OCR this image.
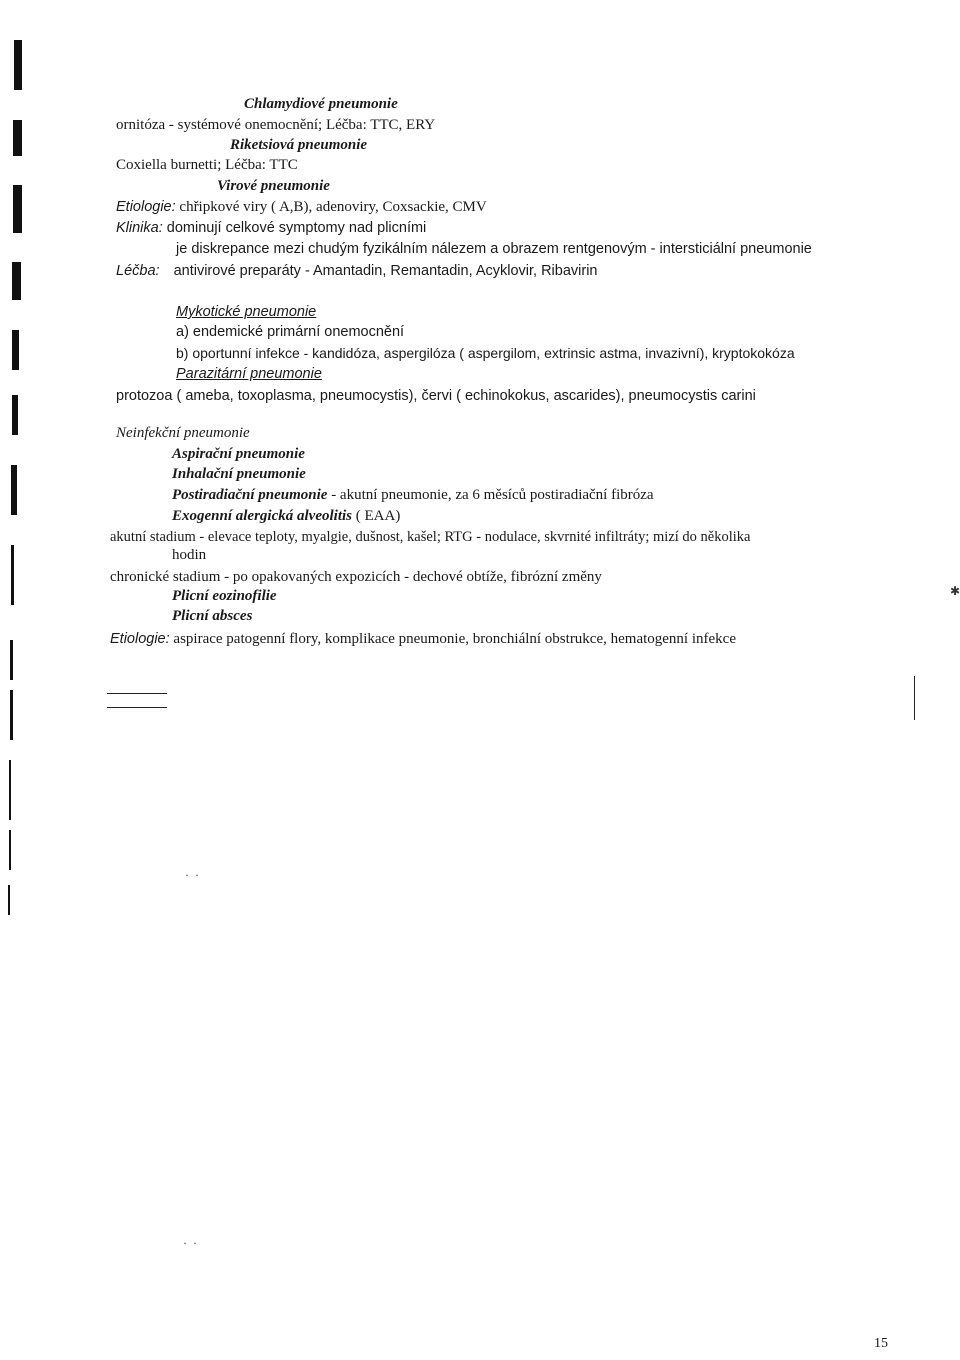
Chlamydiové pneumonie
ornitóza - systémové onemocnění; Léčba: TTC, ERY
Riketsiová pneumonie
Coxiella burnetti; Léčba: TTC
Virové pneumonie
Etiologie: chřipkové viry ( A,B), adenoviry, Coxsackie, CMV
Klinika: dominují celkové symptomy nad plicními
je diskrepance mezi chudým fyzikálním nálezem a obrazem rentgenovým - intersticiální pneumonie
Léčba: antivirové preparáty - Amantadin, Remantadin, Acyklovir, Ribavirin
Mykotické pneumonie
a) endemické primární onemocnění
b) oportunní infekce - kandidóza, aspergilóza ( aspergilom, extrinsic astma, invazivní), kryptokokóza
Parazitární pneumonie
protozoa ( ameba, toxoplasma, pneumocystis), červi ( echinokokus, ascarides), pneumocystis carini
Neinfekční pneumonie
Aspirační pneumonie
Inhalační pneumonie
Postiradiační pneumonie - akutní pneumonie, za 6 měsíců postiradiační fibróza
Exogenní alergická alveolitis ( EAA)
akutní stadium - elevace teploty, myalgie, dušnost, kašel; RTG - nodulace, skvrnité infiltráty; mizí do několika
hodin
chronické stadium - po opakovaných expozicích - dechové obtíže, fibrózní změny
Plicní eozinofilie
Plicní absces
Etiologie: aspirace patogenní flory, komplikace pneumonie, bronchiální obstrukce, hematogenní infekce
·  ·
·  ·
✱
15
